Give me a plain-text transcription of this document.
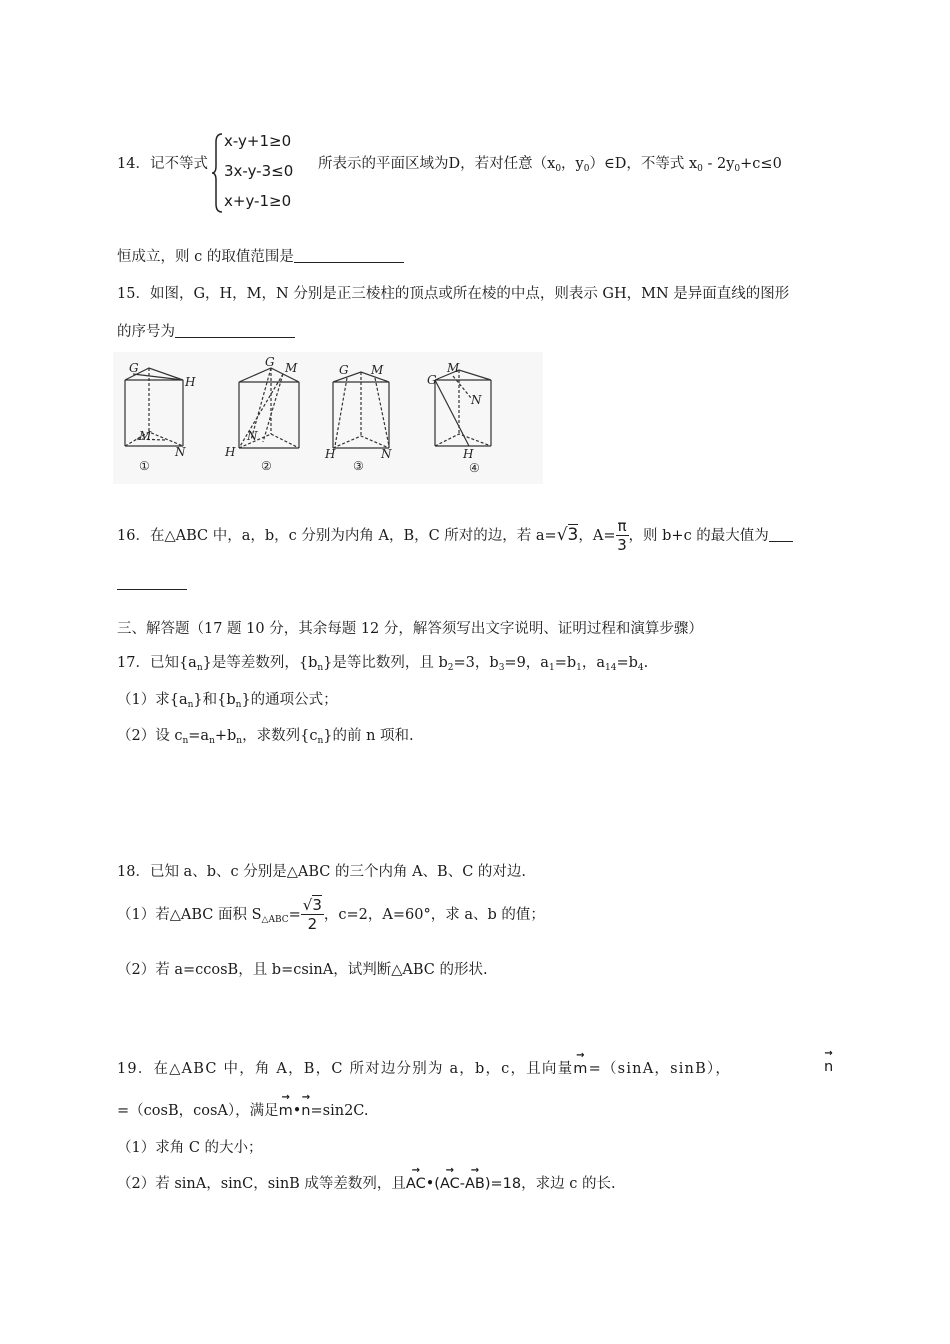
14．记不等式
x-y+1≥0
3x-y-3≤0
x+y-1≥0
所表示的平面区域为D，若对任意（$x_0$，$y_0)\in D$，不等式 $x_0 - 2y_0+c\le 0$
恒成立，则 c 的取值范围是
15．如图，G，H，M，N 分别是正三棱柱的顶点或所在棱的中点，则表示 GH，MN 是异面直线的图形
的序号为
G
H
M
N
①
G M
N
H
②
G M
H	N
③
G
M
N
H
④
16．在△ABC 中，a，b，c 分别为内角 A，B，C 所对的边，若 a=√3，$A= \frac{\pi}{3}$ ，则 b+c 的最大值为
三、解答题（17 题 10 分，其余每题 12 分，解答须写出文字说明、证明过程和演算步骤）
17．已知$\{a_n\}$是等差数列，$\{b_n\}$是等比数列，且 $b_2=3$，$b_3=9$，$a_1=b_1$，$a_{14}=b_4$.
（1）求$\{a_n\}$和$\{b_n\}$的通项公式；
（2）设 $c_n=a_n+b_n$，求数列$\{c_n\}$的前 n 项和.
18．已知 a、b、c 分别是△ABC 的三个内角 A、B、C 的对边.
（1）若△ABC 面积 $S_{\triangle ABC}= \frac{√3}{2}$ ，c=2，A=60°，求 a、b 的值；
（2）若 a=ccosB，且 b=csinA，试判断△ABC 的形状.
19．在△ABC 中，角 A，B，C 所对边分别为 a，b，c，且向量→ m=（sinA，sinB），
→	n
=（cosB，cosA），满足→ m•→ n=sin2C.
（1）求角 C 的大小；
（2）若 sinA，sinC，sinB 成等差数列，且→ AC•(→ AC-→ AB)=18，求边 c 的长.
